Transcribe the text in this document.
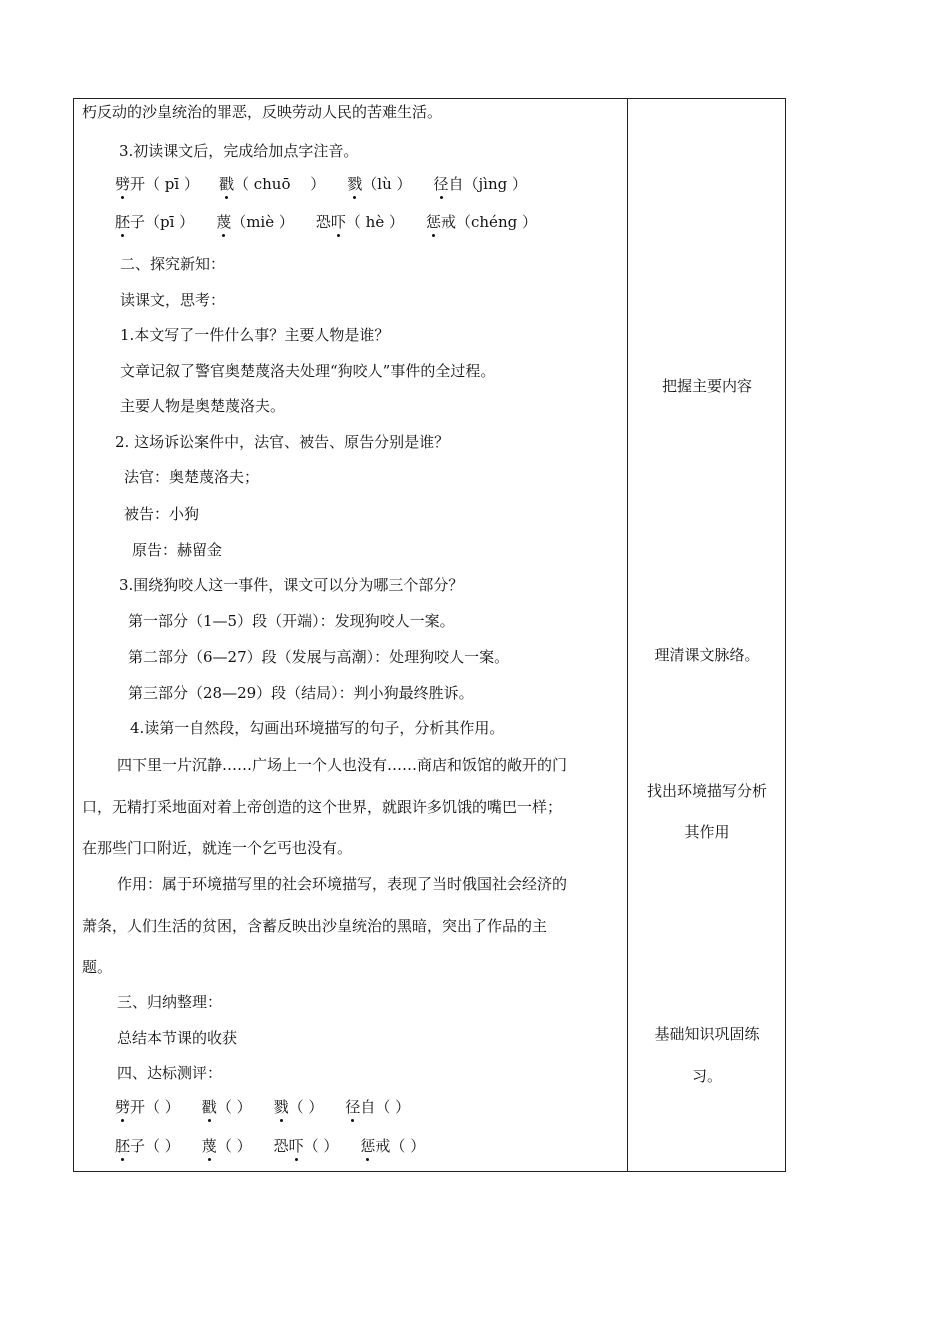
朽反动的沙皇统治的罪恶，反映劳动人民的苦难生活。
3.初读课文后，完成给加点字注音。
劈开（ pī ） 戳（ chuō　 ） 戮（lù ） 径自（jìng ）
胚子（pī ） 蔑（miè ） 恐吓（ hè ） 惩戒（chéng ）
二、探究新知：
读课文，思考：
1.本文写了一件什么事？主要人物是谁？
文章记叙了警官奥楚蔑洛夫处理“狗咬人”事件的全过程。
主要人物是奥楚蔑洛夫。
2. 这场诉讼案件中，法官、被告、原告分别是谁？
法官：奥楚蔑洛夫；
被告：小狗
原告：赫留金
3.围绕狗咬人这一事件，课文可以分为哪三个部分？
第一部分（1—5）段（开端）：发现狗咬人一案。
第二部分（6—27）段（发展与高潮）：处理狗咬人一案。
第三部分（28—29）段（结局）：判小狗最终胜诉。
4.读第一自然段，勾画出环境描写的句子，分析其作用。
四下里一片沉静……广场上一个人也没有……商店和饭馆的敞开的门
口，无精打采地面对着上帝创造的这个世界，就跟许多饥饿的嘴巴一样；
在那些门口附近，就连一个乞丐也没有。
作用：属于环境描写里的社会环境描写，表现了当时俄国社会经济的
萧条，人们生活的贫困，含蓄反映出沙皇统治的黑暗，突出了作品的主
题。
三、归纳整理：
总结本节课的收获
四、达标测评：
劈开（ ） 戳（ ） 戮（ ） 径自（ ）
胚子（ ） 蔑（ ） 恐吓（ ） 惩戒（ ）
把握主要内容
理清课文脉络。
找出环境描写分析
其作用
基础知识巩固练
习。
